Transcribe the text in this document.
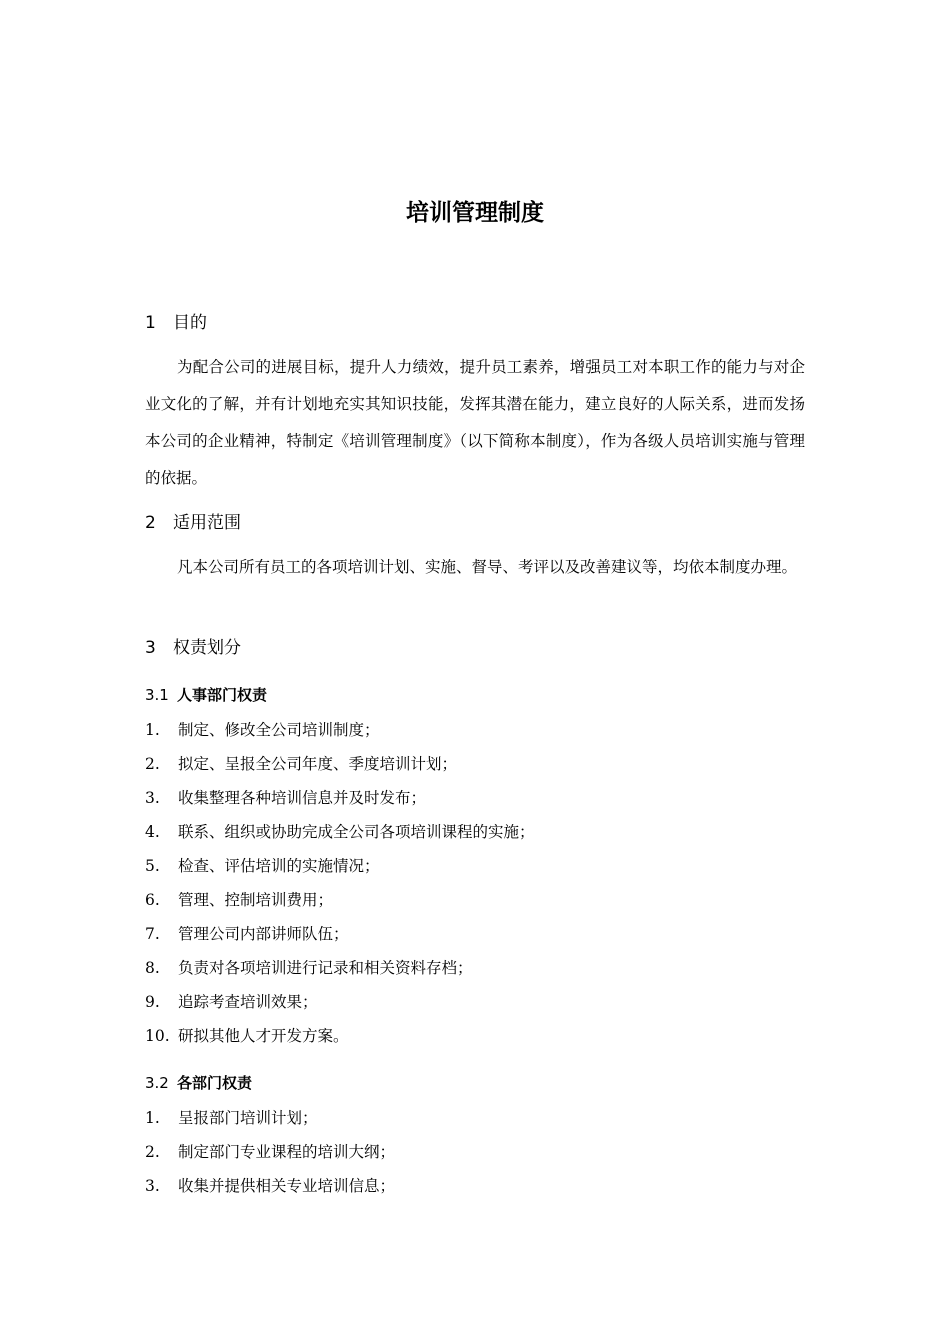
培训管理制度
1 目的

为配合公司的进展目标，提升人力绩效，提升员工素养，增强员工对本职工作的能力与对企业文化的了解，并有计划地充实其知识技能，发挥其潜在能力，建立良好的人际关系，进而发扬本公司的企业精神，特制定《培训管理制度》（以下简称本制度），作为各级人员培训实施与管理的依据。

2 适用范围

凡本公司所有员工的各项培训计划、实施、督导、考评以及改善建议等，均依本制度办理。

3 权责划分
3.1 人事部门权责
1. 制定、修改全公司培训制度；
2. 拟定、呈报全公司年度、季度培训计划；
3. 收集整理各种培训信息并及时发布；
4. 联系、组织或协助完成全公司各项培训课程的实施；
5. 检查、评估培训的实施情况；
6. 管理、控制培训费用；
7. 管理公司内部讲师队伍；
8. 负责对各项培训进行记录和相关资料存档；
9. 追踪考查培训效果；
10. 研拟其他人才开发方案。
3.2 各部门权责
1. 呈报部门培训计划；
2. 制定部门专业课程的培训大纲；
3. 收集并提供相关专业培训信息；
